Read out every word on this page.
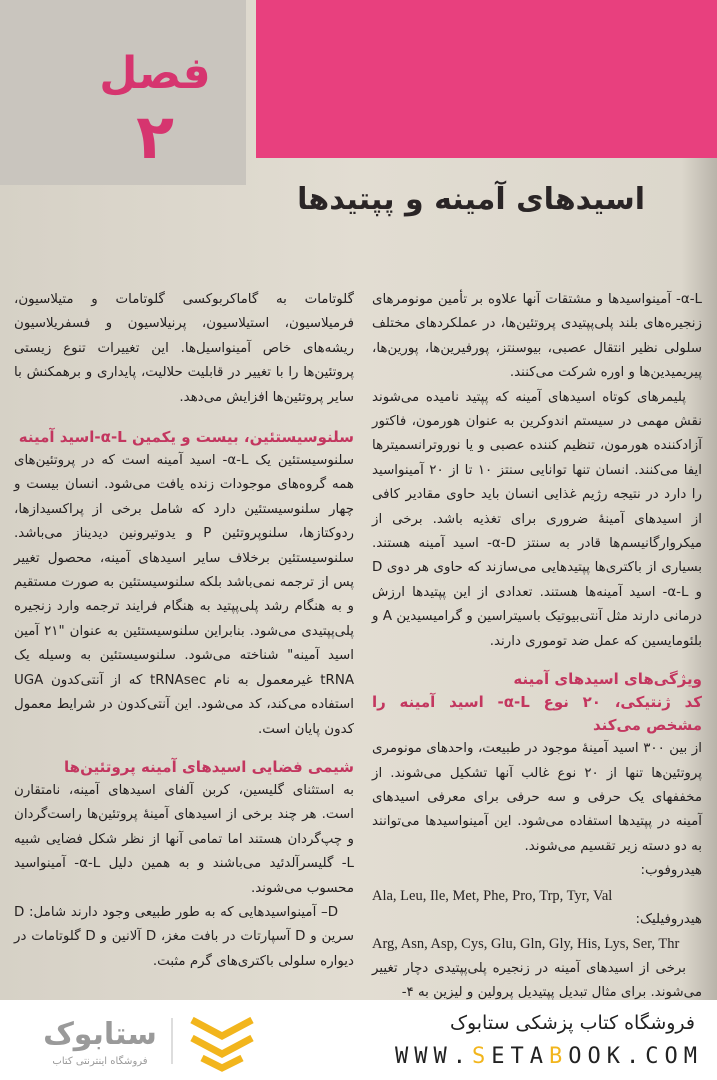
فصل
۲
اسیدهای آمینه و پپتیدها

α-L- آمینواسیدها و مشتقات آنها علاوه بر تأمین مونومرهای زنجیره‌های بلند پلی‌پپتیدی پروتئین‌ها، در عملکردهای مختلف سلولی نظیر انتقال عصبی، بیوسنتز، پورفیرین‌ها، پورین‌ها، پیریمیدین‌ها و اوره شرکت می‌کنند.

پلیمرهای کوتاه اسیدهای آمینه که پپتید نامیده می‌شوند نقش مهمی در سیستم اندوکرین به عنوان هورمون، فاکتور آزادکننده هورمون، تنظیم کننده عصبی و یا نوروترانسمیترها ایفا می‌کنند. انسان تنها توانایی سنتز ۱۰ تا از ۲۰ آمینواسید را دارد در نتیجه رژیم غذایی انسان باید حاوی مقادیر کافی از اسیدهای آمینهٔ ضروری برای تغذیه باشد. برخی از میکروارگانیسم‌ها قادر به سنتز α-D- اسید آمینه هستند. بسیاری از باکتری‌ها پپتیدهایی می‌سازند که حاوی هر دوی D و α-L- اسید آمینه‌ها هستند. تعدادی از این پپتیدها ارزش درمانی دارند مثل آنتی‌بیوتیک باسیتراسین و گرامیسیدین A و بلئومایسین که عمل ضد توموری دارند.

ویژگی‌های اسیدهای آمینه

کد ژنتیکی، ۲۰ نوع α-L- اسید آمینه را مشخص می‌کند

از بین ۳۰۰ اسید آمینهٔ موجود در طبیعت، واحدهای مونومری پروتئین‌ها تنها از ۲۰ نوع غالب آنها تشکیل می‌شوند. از مخففهای یک حرفی و سه حرفی برای معرفی اسیدهای آمینه در پپتیدها استفاده می‌شود. این آمینواسیدها می‌توانند به دو دسته زیر تقسیم می‌شوند.

هیدروفوب:

Ala, Leu, Ile, Met, Phe, Pro, Trp, Tyr, Val

هیدروفیلیک:

Arg, Asn, Asp, Cys, Glu, Gln, Gly, His, Lys, Ser, Thr

برخی از اسیدهای آمینه در زنجیره پلی‌پپتیدی دچار تغییر می‌شوند. برای مثال تبدیل پپتیدیل پرولین و لیزین به ۴-

گلوتامات به گاماکربوکسی گلوتامات و متیلاسیون، فرمیلاسیون، استیلاسیون، پرنیلاسیون و فسفریلاسیون ریشه‌های خاص آمینواسیل‌ها. این تغییرات تنوع زیستی پروتئین‌ها را با تغییر در قابلیت حلالیت، پایداری و برهمکنش با سایر پروتئین‌ها افزایش می‌دهد.

سلنوسیستئین، بیست و یکمین α-L-اسید آمینه

سلنوسیستئین یک α-L- اسید آمینه است که در پروتئین‌های همه گروه‌های موجودات زنده یافت می‌شود. انسان بیست و چهار سلنوسیستئین دارد که شامل برخی از پراکسیدازها، ردوکتازها، سلنوپروتئین P و یدوتیرونین دیدیناز می‌باشد. سلنوسیستئین برخلاف سایر اسیدهای آمینه، محصول تغییر پس از ترجمه نمی‌باشد بلکه سلنوسیستئین به صورت مستقیم و به هنگام رشد پلی‌پپتید به هنگام فرایند ترجمه وارد زنجیره پلی‌پپتیدی می‌شود. بنابراین سلنوسیستئین به عنوان "۲۱ آمین اسید آمینه" شناخته می‌شود. سلنوسیستئین به وسیله یک tRNA غیرمعمول به نام tRNAsec که از آنتی‌کدون UGA استفاده می‌کند، کد می‌شود. این آنتی‌کدون در شرایط معمول کدون پایان است.

شیمی فضایی اسیدهای آمینه پروتئین‌ها

به استثنای گلیسین، کربن آلفای اسیدهای آمینه، نامتقارن است. هر چند برخی از اسیدهای آمینهٔ پروتئین‌ها راست‌گردان و چپ‌گردان هستند اما تمامی آنها از نظر شکل فضایی شبیه L- گلیسرآلدئید می‌باشند و به همین دلیل α-L- آمینواسید محسوب می‌شوند.

D– آمینواسیدهایی که به طور طبیعی وجود دارند شامل: D سرین و D آسپارتات در بافت مغز، D آلانین و D گلوتامات در دیواره سلولی باکتری‌های گرم مثبت.

فروشگاه کتاب پزشکی ستابوک
WWW.SETABOOK.COM
ستابوک
فروشگاه اینترنتی کتاب
